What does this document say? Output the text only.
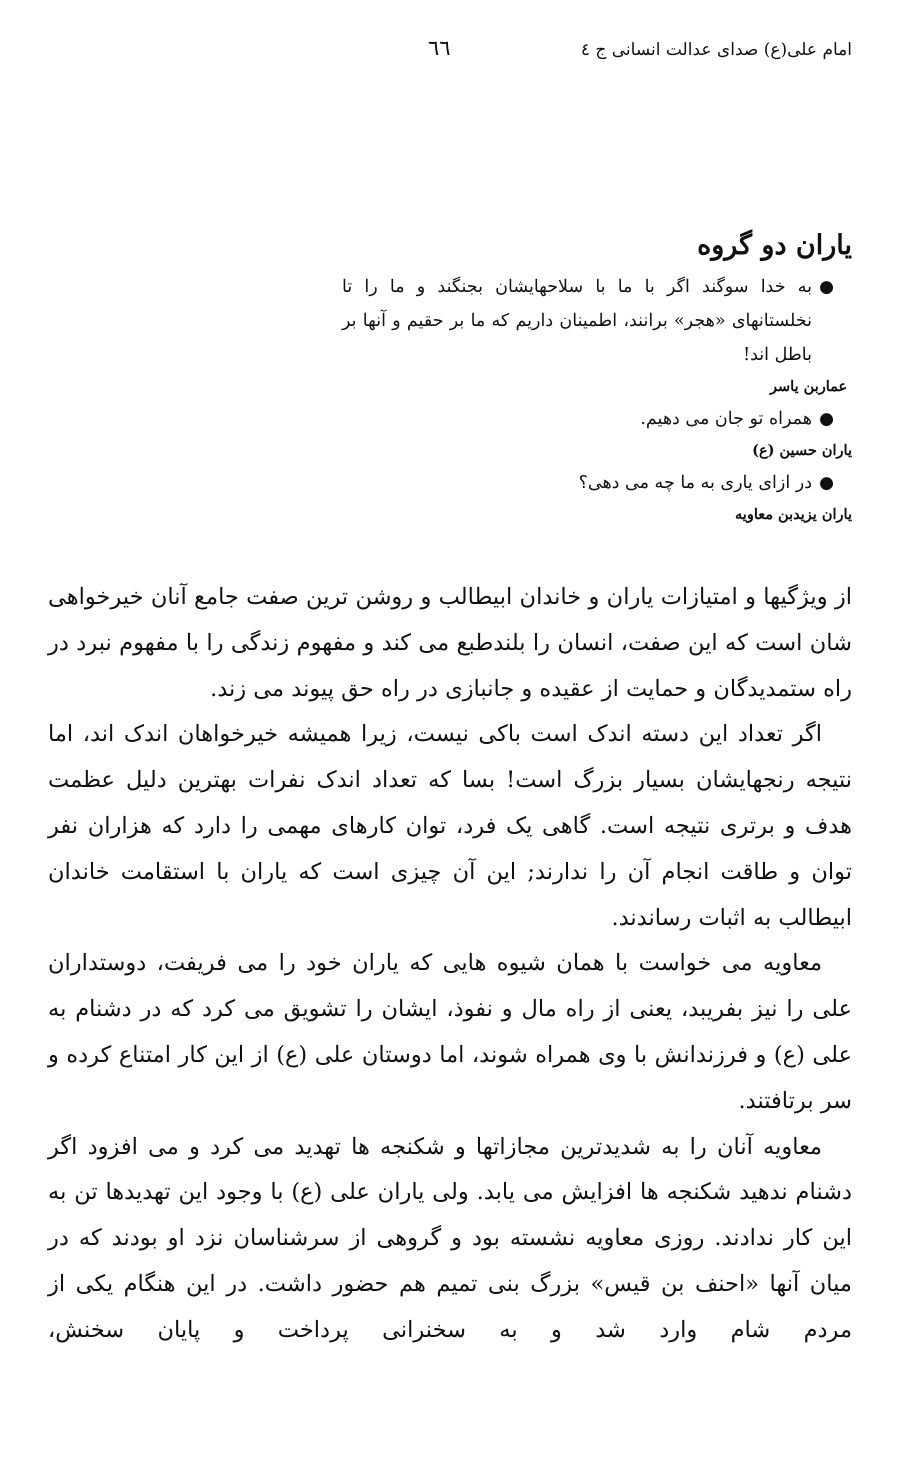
امام علی(ع) صدای عدالت انسانی ج ٤
٦٦
یاران دو گروه
●
به خدا سوگند اگر با ما با سلاحهایشان بجنگند و ما را تا نخلستانهای «هجر» برانند، اطمینان داریم که ما بر حقیم و آنها بر باطل اند!
عماربن یاسر
●
همراه تو جان می دهیم.
یاران حسین (ع)
●
در ازای یاری به ما چه می دهی؟
یاران یزیدبن معاویه

از ویژگیها و امتیازات یاران و خاندان ابیطالب و روشن ترین صفت جامع آنان خیرخواهی شان است که این صفت، انسان را بلندطبع می کند و مفهوم زندگی را با مفهوم نبرد در راه ستمدیدگان و حمایت از عقیده و جانبازی در راه حق پیوند می زند.

اگر تعداد این دسته اندک است باکی نیست، زیرا همیشه خیرخواهان اندک اند، اما نتیجه رنجهایشان بسیار بزرگ است! بسا که تعداد اندک نفرات بهترین دلیل عظمت هدف و برتری نتیجه است. گاهی یک فرد، توان کارهای مهمی را دارد که هزاران نفر توان و طاقت انجام آن را ندارند; این آن چیزی است که یاران با استقامت خاندان ابیطالب به اثبات رساندند.

معاویه می خواست با همان شیوه هایی که یاران خود را می فریفت، دوستداران علی را نیز بفریبد، یعنی از راه مال و نفوذ، ایشان را تشویق می کرد که در دشنام به علی (ع) و فرزندانش با وی همراه شوند، اما دوستان علی (ع) از این کار امتناع کرده و سر برتافتند.

معاویه آنان را به شدیدترین مجازاتها و شکنجه ها تهدید می کرد و می افزود اگر دشنام ندهید شکنجه ها افزایش می یابد. ولی یاران علی (ع) با وجود این تهدیدها تن به این کار ندادند. روزی معاویه نشسته بود و گروهی از سرشناسان نزد او بودند که در میان آنها «احنف بن قیس» بزرگ بنی تمیم هم حضور داشت. در این هنگام یکی از مردم شام وارد شد و به سخنرانی پرداخت و پایان سخنش،
